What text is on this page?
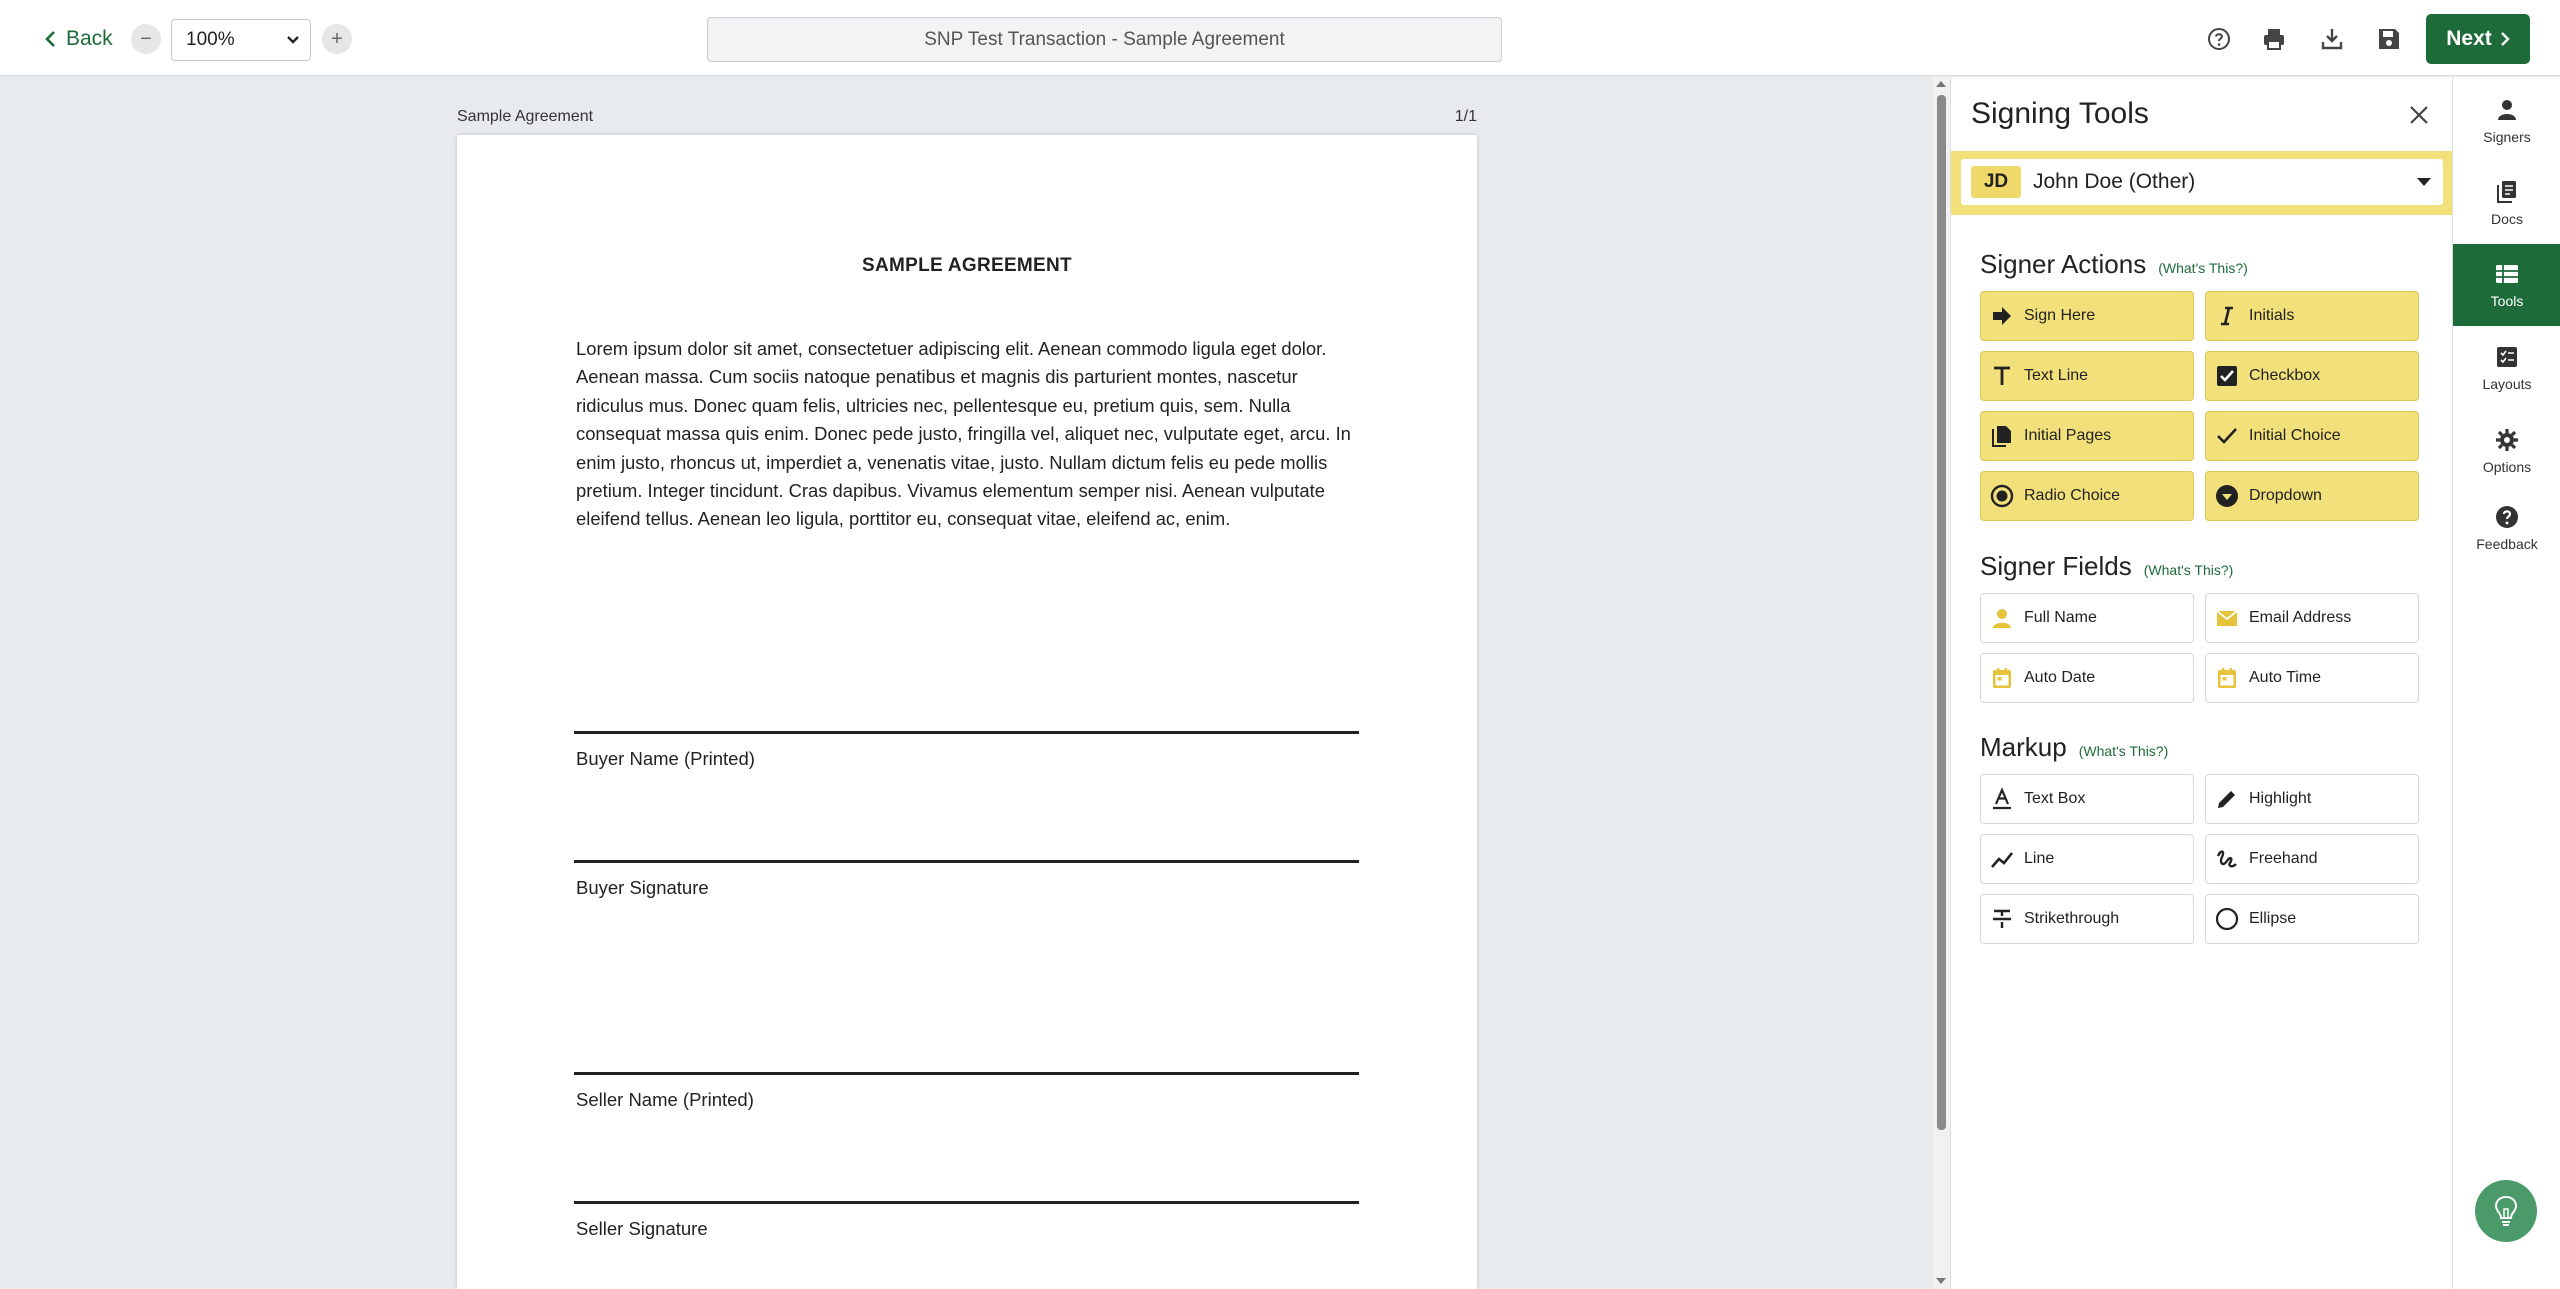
Back − 100%	+	SNP Test Transaction - Sample Agreement	Next
Sample Agreement	1/1
SAMPLE AGREEMENT
Lorem ipsum dolor sit amet, consectetuer adipiscing elit. Aenean commodo ligula eget dolor. Aenean massa. Cum sociis natoque penatibus et magnis dis parturient montes, nascetur ridiculus mus. Donec quam felis, ultricies nec, pellentesque eu, pretium quis, sem. Nulla consequat massa quis enim. Donec pede justo, fringilla vel, aliquet nec, vulputate eget, arcu. In enim justo, rhoncus ut, imperdiet a, venenatis vitae, justo. Nullam dictum felis eu pede mollis pretium. Integer tincidunt. Cras dapibus. Vivamus elementum semper nisi. Aenean vulputate eleifend tellus. Aenean leo ligula, porttitor eu, consequat vitae, eleifend ac, enim.
Buyer Name (Printed)
Buyer Signature
Seller Name (Printed)
Seller Signature
Signing Tools
JD	John Doe (Other)
Signer Actions (What's This?)
Sign Here	Initials
Text Line	Checkbox
Initial Pages	Initial Choice
Radio Choice	Dropdown
Signer Fields (What's This?)
Full Name	Email Address
Auto Date	Auto Time
Markup (What's This?)
Text Box	Highlight
Line	Freehand
Strikethrough	Ellipse
Signers
Docs
Tools
Layouts
Options
Feedback
